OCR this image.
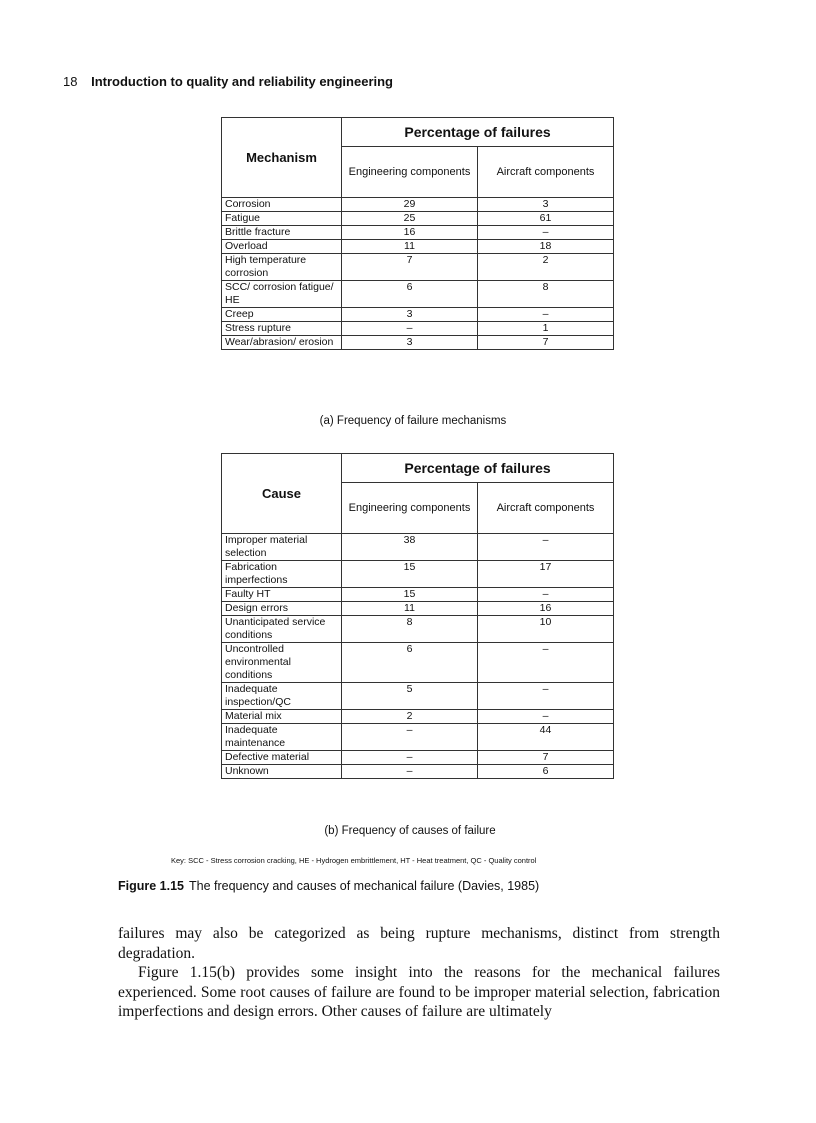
18 Introduction to quality and reliability engineering
Mechanism	Percentage of failures	
	Engineering components	Aircraft components
Corrosion	29	3
Fatigue	25	61
Brittle fracture	16	–
Overload	11	18
High temperature corrosion	7	2
SCC/ corrosion fatigue/ HE	6	8
Creep	3	–
Stress rupture	–	1
Wear/abrasion/ erosion	3	7
(a) Frequency of failure mechanisms
Cause	Percentage of failures	
	Engineering components	Aircraft components
Improper material selection	38	–
Fabrication imperfections	15	17
Faulty HT	15	–
Design errors	11	16
Unanticipated service conditions	8	10
Uncontrolled environmental conditions	6	–
Inadequate inspection/QC	5	–
Material mix	2	–
Inadequate maintenance	–	44
Defective material	–	7
Unknown	–	6
(b) Frequency of causes of failure
Key: SCC - Stress corrosion cracking, HE - Hydrogen embrittlement, HT - Heat treatment, QC - Quality control
Figure 1.15 The frequency and causes of mechanical failure (Davies, 1985)

failures may also be categorized as being rupture mechanisms, distinct from strength degradation.

Figure 1.15(b) provides some insight into the reasons for the mechanical failures experienced. Some root causes of failure are found to be improper material selection, fabrication imperfections and design errors. Other causes of failure are ultimately
